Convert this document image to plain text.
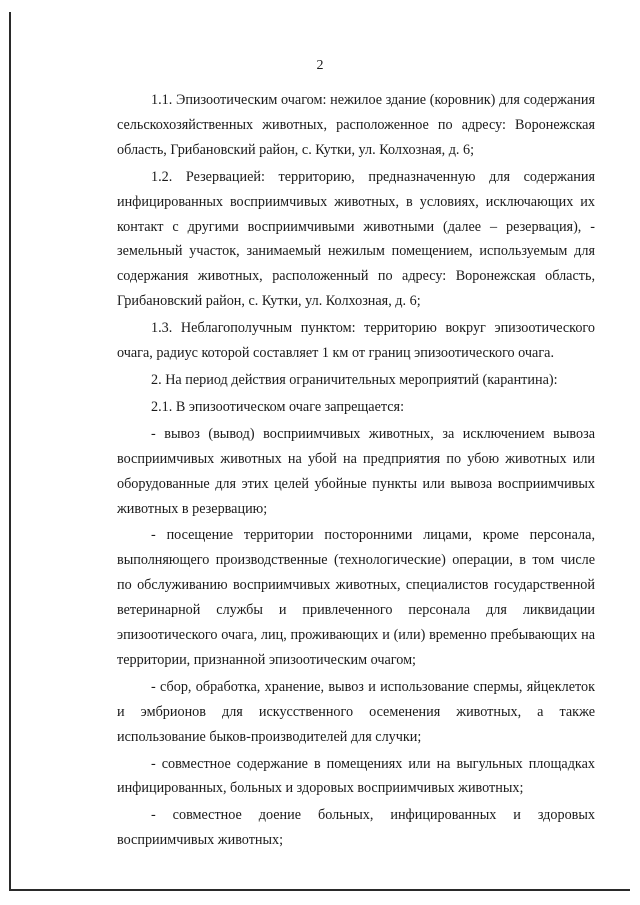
2

1.1. Эпизоотическим очагом: нежилое здание (коровник) для содержания сельскохозяйственных животных, расположенное по адресу: Воронежская область, Грибановский район, с. Кутки, ул. Колхозная, д. 6;

1.2. Резервацией: территорию, предназначенную для содержания инфицированных восприимчивых животных, в условиях, исключающих их контакт с другими восприимчивыми животными (далее – резервация), - земельный участок, занимаемый нежилым помещением, используемым для содержания животных, расположенный по адресу: Воронежская область, Грибановский район, с. Кутки, ул. Колхозная, д. 6;

1.3. Неблагополучным пунктом: территорию вокруг эпизоотического очага, радиус которой составляет 1 км от границ эпизоотического очага.

2. На период действия ограничительных мероприятий (карантина):

2.1. В эпизоотическом очаге запрещается:

- вывоз (вывод) восприимчивых животных, за исключением вывоза восприимчивых животных на убой на предприятия по убою животных или оборудованные для этих целей убойные пункты или вывоза восприимчивых животных в резервацию;

- посещение территории посторонними лицами, кроме персонала, выполняющего производственные (технологические) операции, в том числе по обслуживанию восприимчивых животных, специалистов государственной ветеринарной службы и привлеченного персонала для ликвидации эпизоотического очага, лиц, проживающих и (или) временно пребывающих на территории, признанной эпизоотическим очагом;

- сбор, обработка, хранение, вывоз и использование спермы, яйцеклеток и эмбрионов для искусственного осеменения животных, а также использование быков-производителей для случки;

- совместное содержание в помещениях или на выгульных площадках инфицированных, больных и здоровых восприимчивых животных;

- совместное доение больных, инфицированных и здоровых восприимчивых животных;
